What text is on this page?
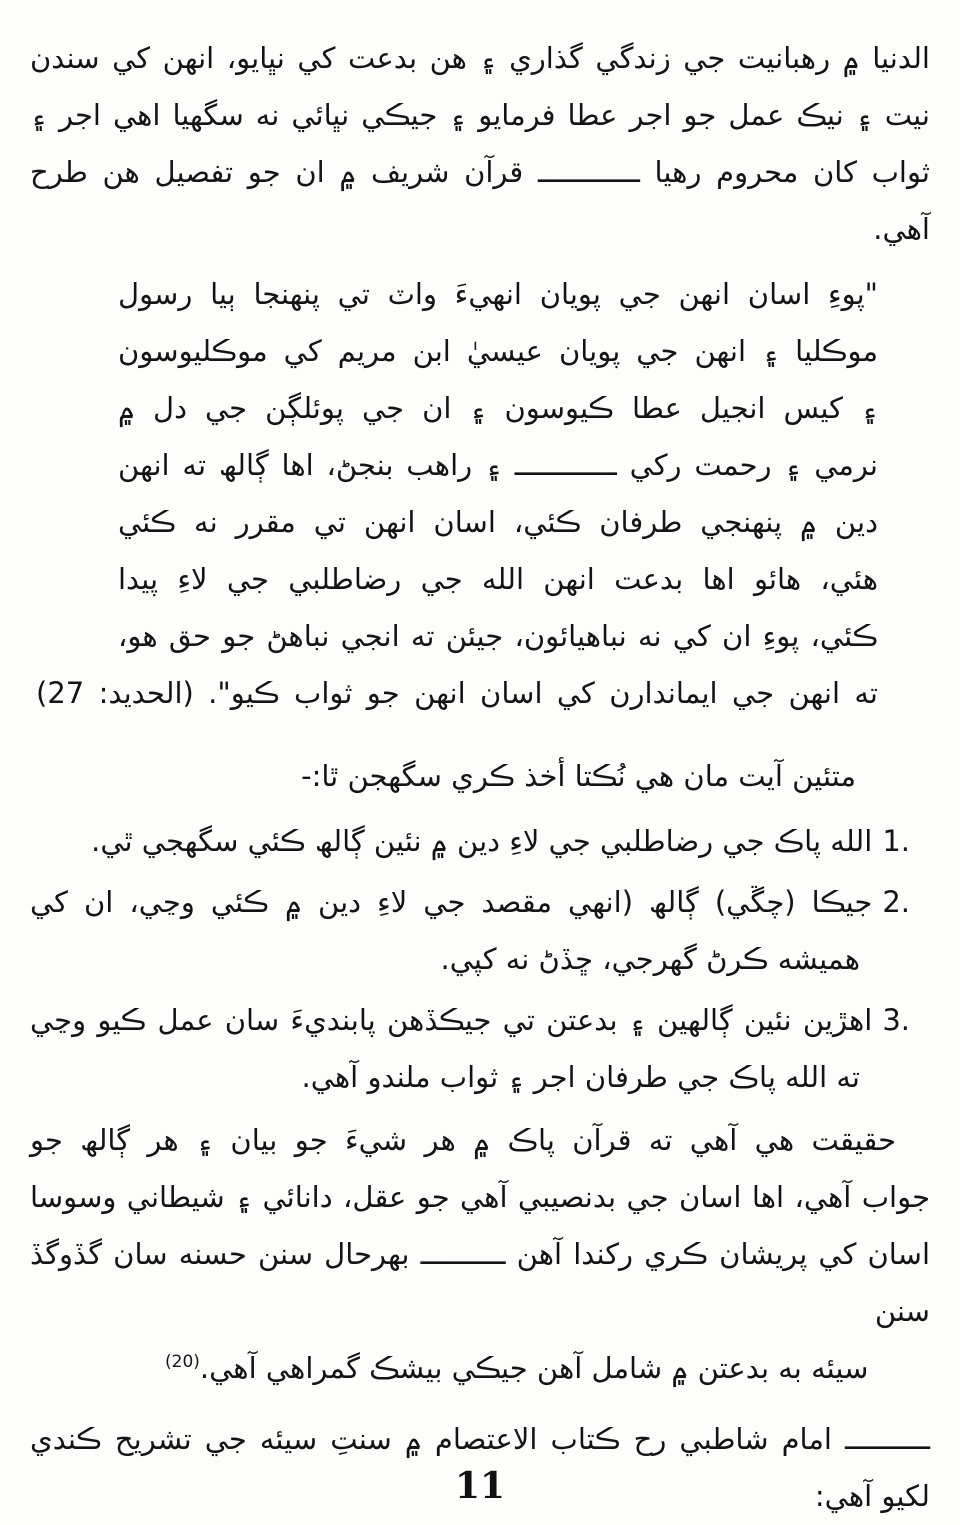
الدنيا ۾ رهبانيت جي زندگي گذاري ۽ هن بدعت کي نڀايو، انهن کي سندن
نيت ۽ نيڪ عمل جو اجر عطا فرمايو ۽ جيڪي نڀائي نه سگهيا اهي اجر ۽
ثواب کان محروم رهيا ــــــــــــ قرآن شريف ۾ ان جو تفصيل هن طرح آهي.
"پوءِ اسان انهن جي پويان انهيءَ واٽ تي پنهنجا ٻيا رسول
موڪليا ۽ انهن جي پويان عيسيٰ ابن مريم کي موڪليوسون
۽ کيس انجيل عطا ڪيوسون ۽ ان جي پوئلڳن جي دل ۾
نرمي ۽ رحمت رکي ــــــــــــ ۽ راهب بنجڻ، اها ڳالھ ته انهن
دين ۾ پنهنجي طرفان ڪئي، اسان انهن تي مقرر نه ڪئي
هئي، هائو اها بدعت انهن الله جي رضاطلبي جي لاءِ پيدا
ڪئي، پوءِ ان کي نه نباهيائون، جيئن ته انجي نباهڻ جو حق هو،
ته انهن جي ايماندارن کي اسان انهن جو ثواب ڪيو". (الحديد: 27)
متئين آيت مان هي نُڪتا أخذ ڪري سگهجن ٿا:-
1.الله پاڪ جي رضاطلبي جي لاءِ دين ۾ نئين ڳالھ ڪئي سگهجي ٿي.
2.جيڪا (چڱي) ڳالھ (انهي مقصد جي لاءِ دين ۾ ڪئي وڃي، ان کي
هميشه ڪرڻ گهرجي، ڇڏڻ نه کپي.
3.اهڙين نئين ڳالهين ۽ بدعتن تي جيڪڏهن پابنديءَ سان عمل ڪيو وڃي
ته الله پاڪ جي طرفان اجر ۽ ثواب ملندو آهي.
حقيقت هي آهي ته قرآن پاڪ ۾ هر شيءَ جو بيان ۽ هر ڳالھ جو
جواب آهي، اها اسان جي بدنصيبي آهي جو عقل، دانائي ۽ شيطاني وسوسا
اسان کي پريشان ڪري رکندا آهن ــــــــــ بهرحال سنن حسنه سان گڏوگڏ سنن
سيئه به بدعتن ۾ شامل آهن جيڪي بيشڪ گمراهي آهي.(20)
ــــــــــ امام شاطبي رح ڪتاب الاعتصام ۾ سنتِ سيئه جي تشريح ڪندي
لکيو آهي:
11
